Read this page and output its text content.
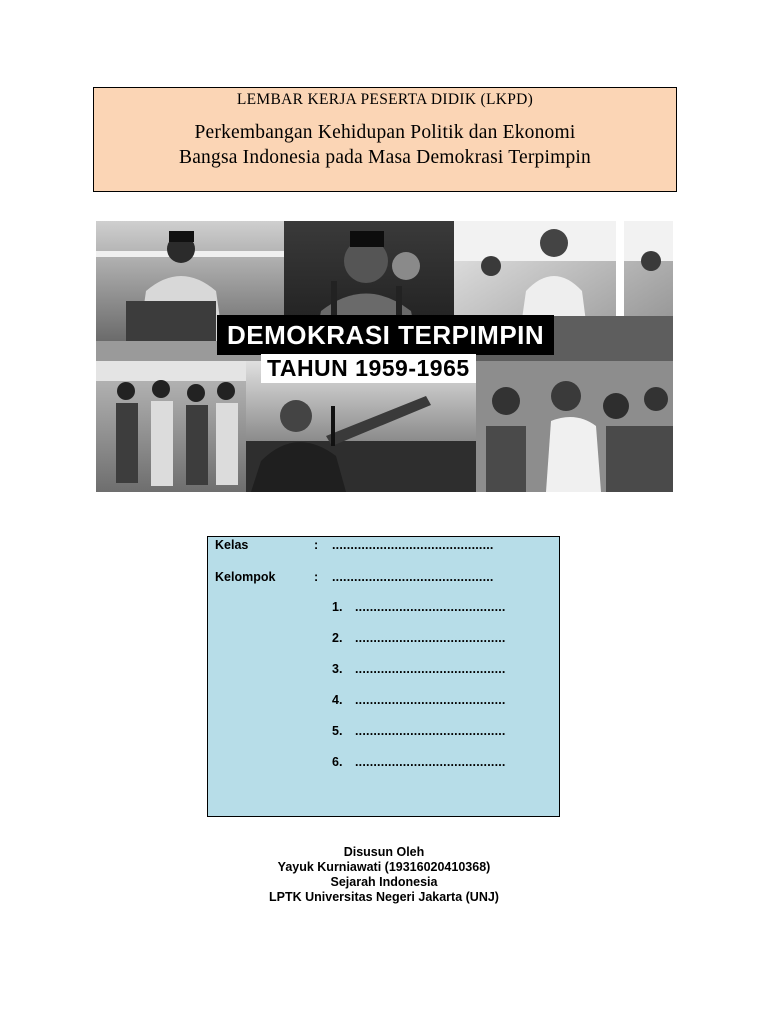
LEMBAR KERJA PESERTA DIDIK (LKPD)
Perkembangan Kehidupan Politik dan Ekonomi
Bangsa Indonesia pada Masa Demokrasi Terpimpin
DEMOKRASI TERPIMPIN
TAHUN 1959-1965
Kelas	: ............................................
Kelompok	: ............................................
1. .........................................
2. .........................................
3. .........................................
4. .........................................
5. .........................................
6. .........................................
Disusun Oleh
Yayuk Kurniawati (19316020410368)
Sejarah Indonesia
LPTK Universitas Negeri Jakarta (UNJ)
